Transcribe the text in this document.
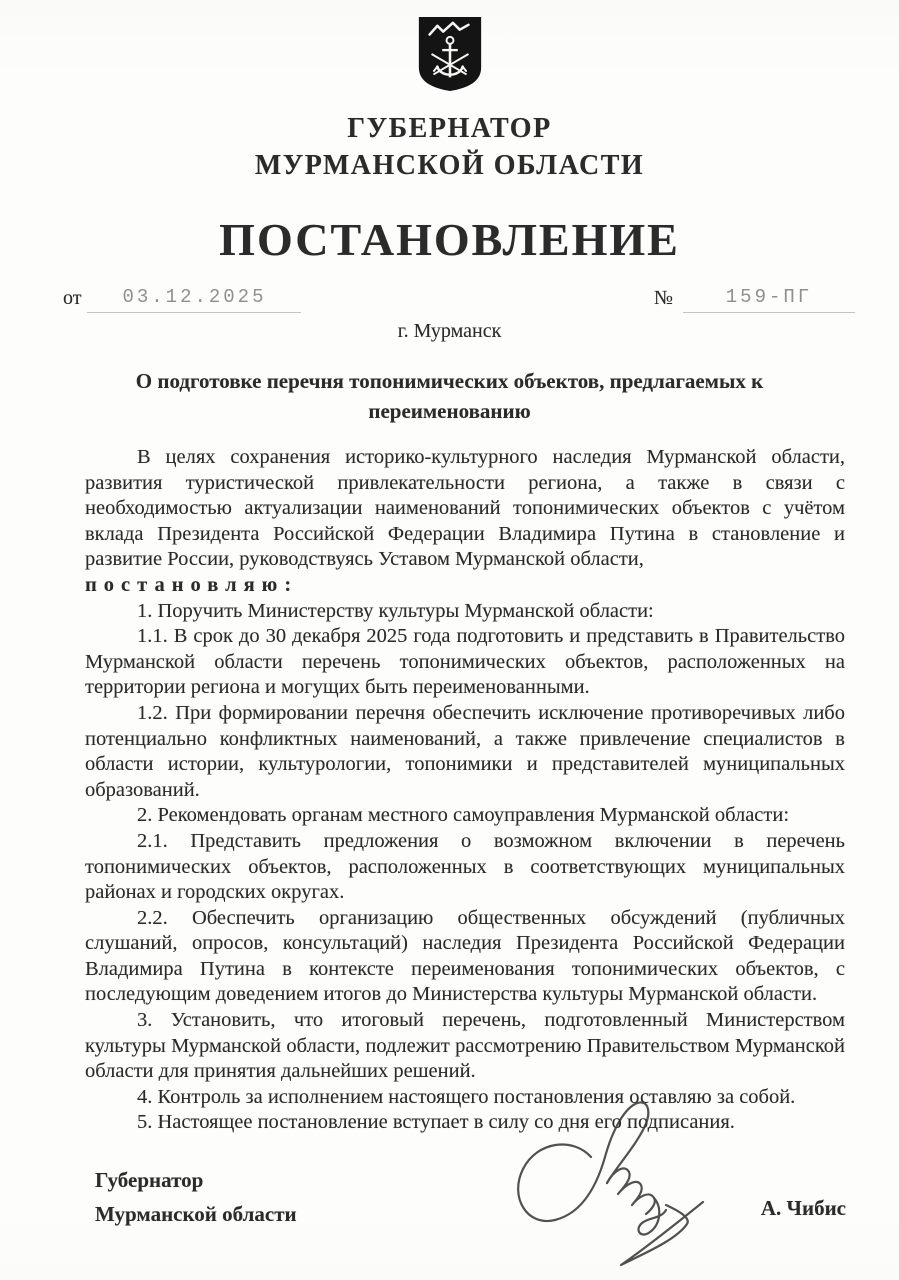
ГУБЕРНАТОР
МУРМАНСКОЙ ОБЛАСТИ
ПОСТАНОВЛЕНИЕ
от	03.12.2025	№	159-ПГ
г. Мурманск
О подготовке перечня топонимических объектов, предлагаемых к переименованию

В целях сохранения историко-культурного наследия Мурманской области, развития туристической привлекательности региона, а также в связи с необходимостью актуализации наименований топонимических объектов с учётом вклада Президента Российской Федерации Владимира Путина в становление и развитие России, руководствуясь Уставом Мурманской области,

постановляю:

1. Поручить Министерству культуры Мурманской области:

1.1. В срок до 30 декабря 2025 года подготовить и представить в Правительство Мурманской области перечень топонимических объектов, расположенных на территории региона и могущих быть переименованными.

1.2. При формировании перечня обеспечить исключение противоречивых либо потенциально конфликтных наименований, а также привлечение специалистов в области истории, культурологии, топонимики и представителей муниципальных образований.

2. Рекомендовать органам местного самоуправления Мурманской области:

2.1. Представить предложения о возможном включении в перечень топонимических объектов, расположенных в соответствующих муниципальных районах и городских округах.

2.2. Обеспечить организацию общественных обсуждений (публичных слушаний, опросов, консультаций) наследия Президента Российской Федерации Владимира Путина в контексте переименования топонимических объектов, с последующим доведением итогов до Министерства культуры Мурманской области.

3. Установить, что итоговый перечень, подготовленный Министерством культуры Мурманской области, подлежит рассмотрению Правительством Мурманской области для принятия дальнейших решений.

4. Контроль за исполнением настоящего постановления оставляю за собой.

5. Настоящее постановление вступает в силу со дня его подписания.

Губернатор
Мурманской области	А. Чибис
